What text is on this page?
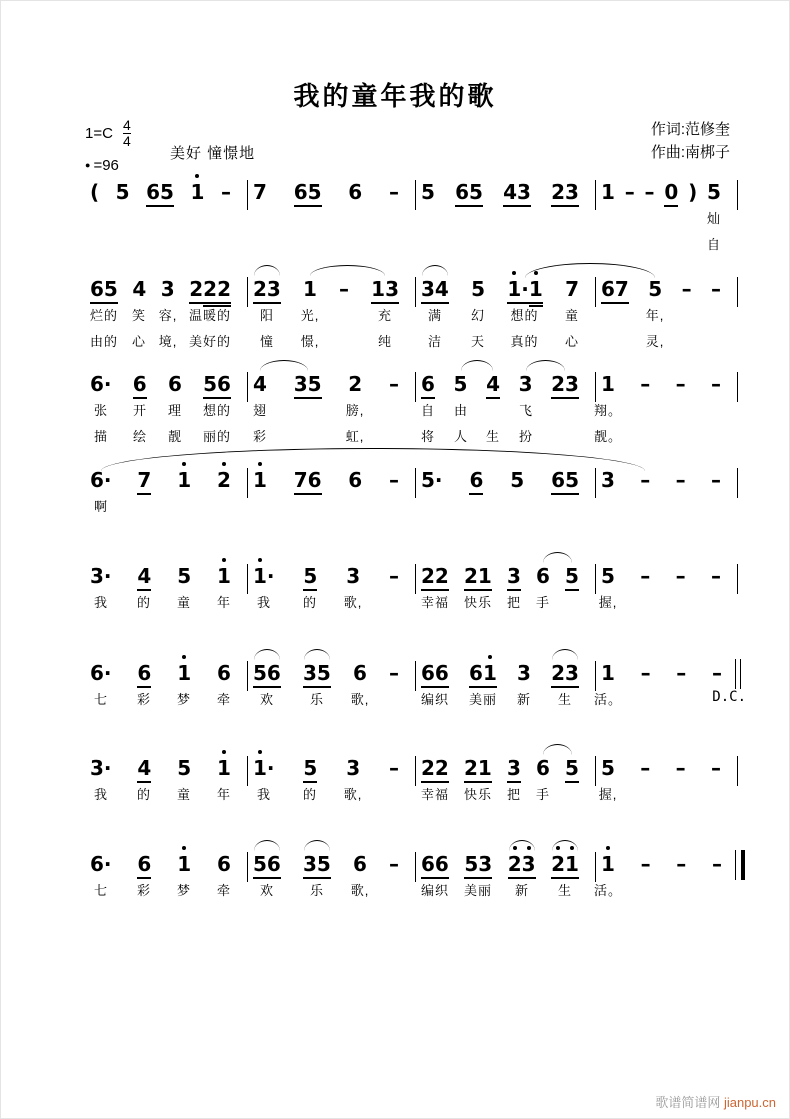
我的童年我的歌
$1=C \frac{4}{4}$
● =96
美好 憧憬地
作词:范修奎
作曲:南梆子
( 5 65 1 – 7 65 6 – 5 65 43 23 1 – – 0 ) 5
灿
自
65 4 3 222 23 1 – 13 34 5 1
·1 7 67 5 – –
烂的 笑 容, 温暖的
由的 心 境, 美好的
阳 光,	充
憧 憬,	纯
满 幻 想的 童
洁 天 真的 心
年,
灵,
6· 6 6 56 4 35 2 – 6 5 4 3 23 1 – – –
张 开 理 想的
描 绘 靓 丽的
翅	膀,
彩	虹,
自 由	飞
将 人 生 扮
翔。
靓。
6· 7 1 2 1 76 6 – 5· 6 5 65 3 – – –
啊
3· 4 5 1 1
· 5 3 – 22 21 3 6 5 5 – – –
我 的 童 年 我 的 歌,	幸福 快乐 把 手	握,
6· 6 1 6 56 35 6 – 66 61 3 23 1 – – –
D.C.
七 彩 梦 牵 欢	乐 歌,	编织 美丽 新 生 活。
3· 4 5 1 1
· 5 3 – 22 21 3 6 5 5 – – –
我 的 童 年 我 的 歌,	幸福 快乐 把 手	握,
6· 6 1 6 56 35 6 – 66 53 2
3 2
1 1 – – –
七 彩 梦 牵 欢	乐 歌,	编织 美丽 新 生 活。
歌谱简谱网 jianpu.cn
